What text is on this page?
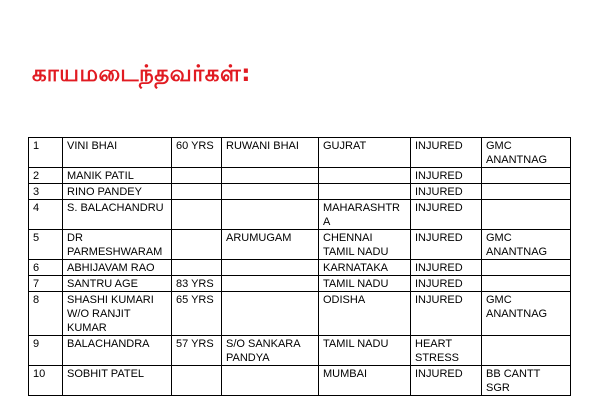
காயமடைந்தவர்கள்:
1	VINI BHAI	60 YRS	RUWANI BHAI	GUJRAT	INJURED	GMC ANANTNAG
2	MANIK PATIL				INJURED	
3	RINO PANDEY				INJURED	
4	S. BALACHANDRU			MAHARASHTRA	INJURED	
5	DR PARMESHWARAM		ARUMUGAM	CHENNAI TAMIL NADU	INJURED	GMC ANANTNAG
6	ABHIJAVAM RAO			KARNATAKA	INJURED	
7	SANTRU AGE	83 YRS		TAMIL NADU	INJURED	
8	SHASHI KUMARI W/O RANJIT KUMAR	65 YRS		ODISHA	INJURED	GMC ANANTNAG
9	BALACHANDRA	57 YRS	S/O SANKARA PANDYA	TAMIL NADU	HEART STRESS	
10	SOBHIT PATEL			MUMBAI	INJURED	BB CANTT SGR
